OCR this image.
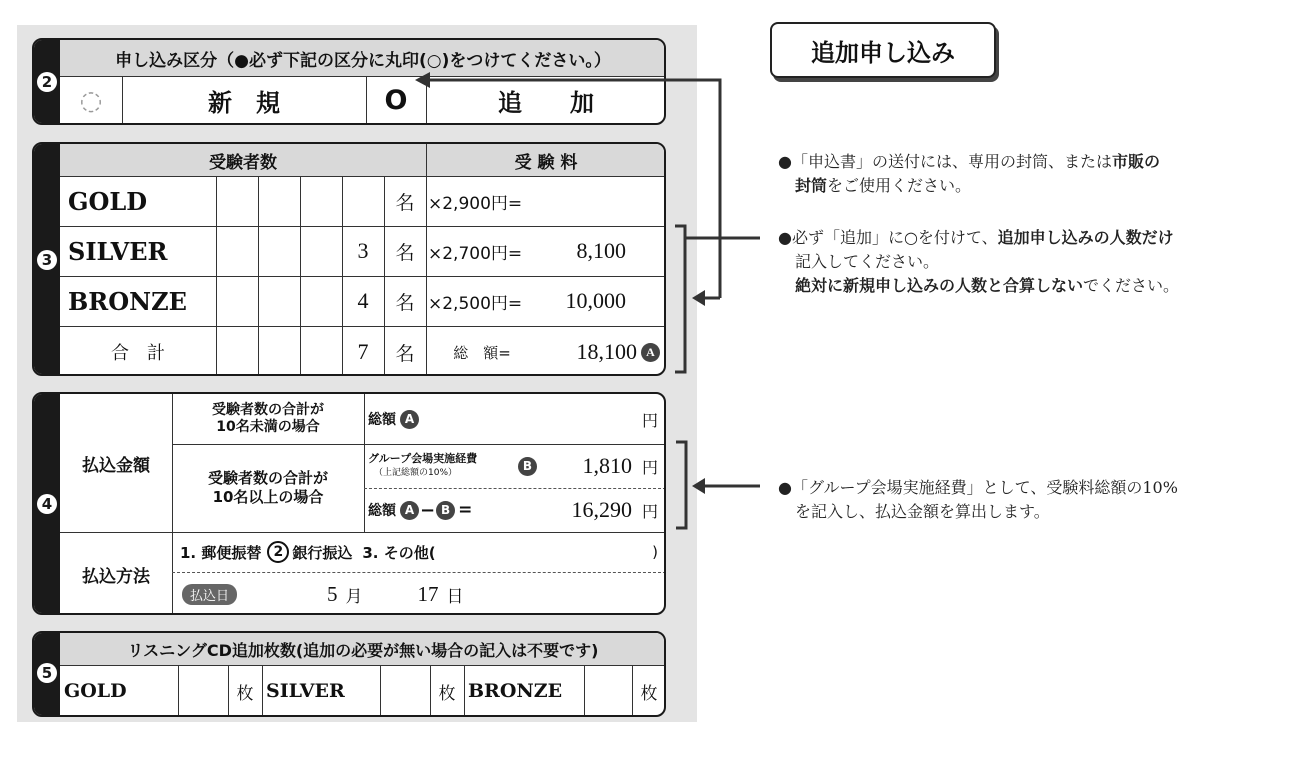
2
申し込み区分（●必ず下記の区分に丸印(○)をつけてください。）
◌	新　規	O	追　　加
3
受験者数	受 験 料
GOLD	名 ×2,900円=
SILVER	3	名 ×2,700円=	8,100
BRONZE	4	名 ×2,500円=	10,000
合　計	7	名	総　額=	18,100 A
4
払込金額
受験者数の合計が
10名未満の場合	総額 A	円
受験者数の合計が
10名以上の場合
グループ会場実施経費
（上記総額の10%）	B	1,810 円
総額 A − B =	16,290 円
払込方法
1. 郵便振替 2 銀行振込 3. その他(	)
払込日	5 月	17 日
5
リスニングCD追加枚数(追加の必要が無い場合の記入は不要です)
GOLD	枚 SILVER	枚 BRONZE	枚
追加申し込み
●「申込書」の送付には、専用の封筒、または市販の
封筒をご使用ください。
●必ず「追加」に○を付けて、追加申し込みの人数だけ
記入してください。
絶対に新規申し込みの人数と合算しないでください。
●「グループ会場実施経費」として、受験料総額の10%
を記入し、払込金額を算出します。
